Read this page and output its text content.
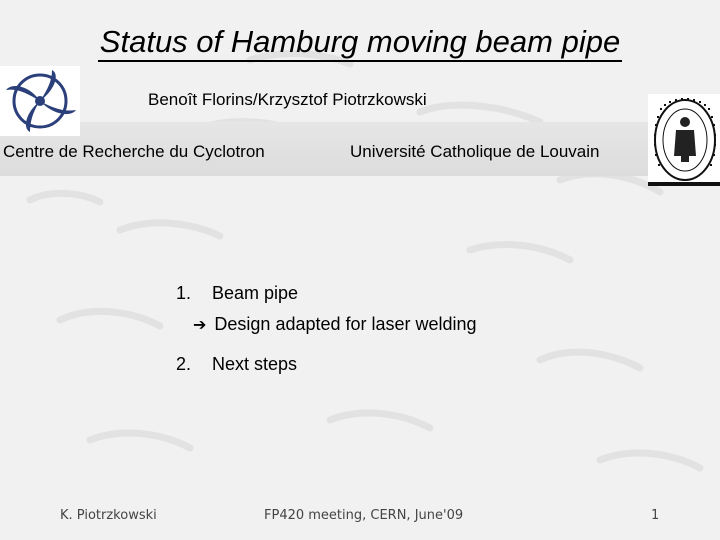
Status of Hamburg moving beam pipe
Benoît Florins/Krzysztof Piotrzkowski
Centre de Recherche du Cyclotron	Université Catholique de Louvain
1. Beam pipe
➔ Design adapted for laser welding
2. Next steps
K. Piotrzkowski	FP420 meeting, CERN, June'09	1
